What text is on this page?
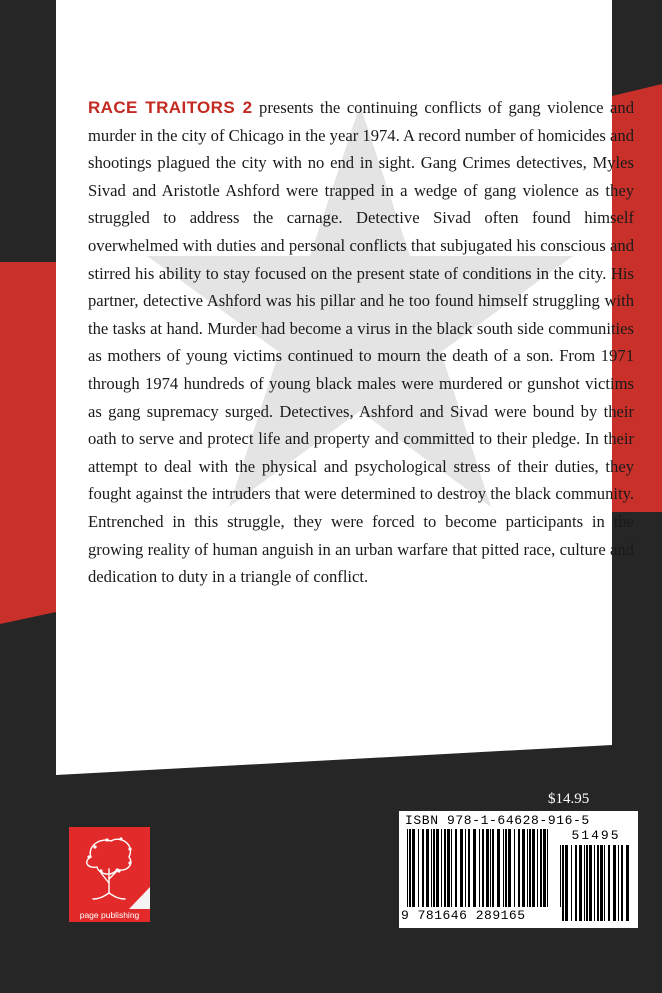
RACE TRAITORS 2 presents the continuing conflicts of gang violence and murder in the city of Chicago in the year 1974. A record number of homicides and shootings plagued the city with no end in sight. Gang Crimes detectives, Myles Sivad and Aristotle Ashford were trapped in a wedge of gang violence as they struggled to address the carnage. Detective Sivad often found himself overwhelmed with duties and personal conflicts that subjugated his conscious and stirred his ability to stay focused on the present state of conditions in the city. His partner, detective Ashford was his pillar and he too found himself struggling with the tasks at hand. Murder had become a virus in the black south side communities as mothers of young victims continued to mourn the death of a son. From 1971 through 1974 hundreds of young black males were murdered or gunshot victims as gang supremacy surged. Detectives, Ashford and Sivad were bound by their oath to serve and protect life and property and committed to their pledge. In their attempt to deal with the physical and psychological stress of their duties, they fought against the intruders that were determined to destroy the black community. Entrenched in this struggle, they were forced to become participants in the growing reality of human anguish in an urban warfare that pitted race, culture and dedication to duty in a triangle of conflict.

$14.95
ISBN 978-1-64628-916-5
51495
9 781646 289165
page publishing
